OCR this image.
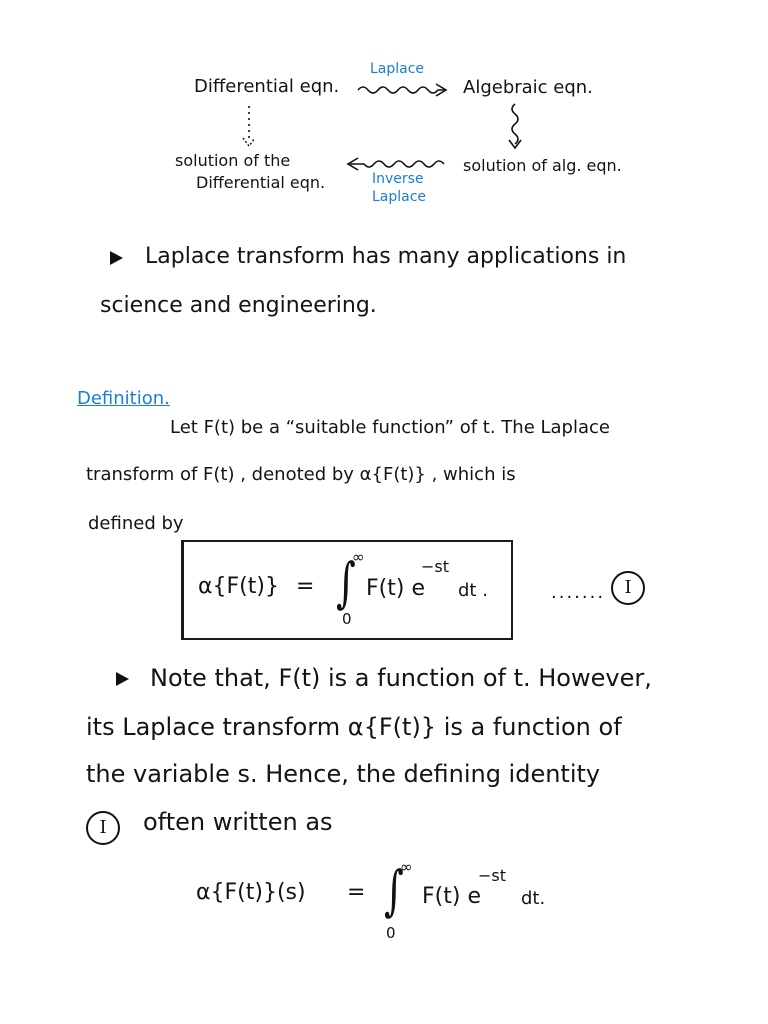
Differential eqn.
Laplace
Algebraic eqn.
solution of the
Differential eqn.
solution of alg. eqn.
Inverse
Laplace
Laplace transform has many applications in
science and engineering.
Definition.
Let F(t) be a “suitable function” of t. The Laplace
transform of F(t) , denoted by α{F(t)} , which is
defined by
α{F(t)} =
∞
∫
0
F(t) e
−st
dt .	.......	I
Note that, F(t) is a function of t. However,
its Laplace transform α{F(t)} is a function of
the variable s. Hence, the defining identity
I	often written as
α{F(t)}(s) =
∞
∫
0
F(t) e
−st
dt.
